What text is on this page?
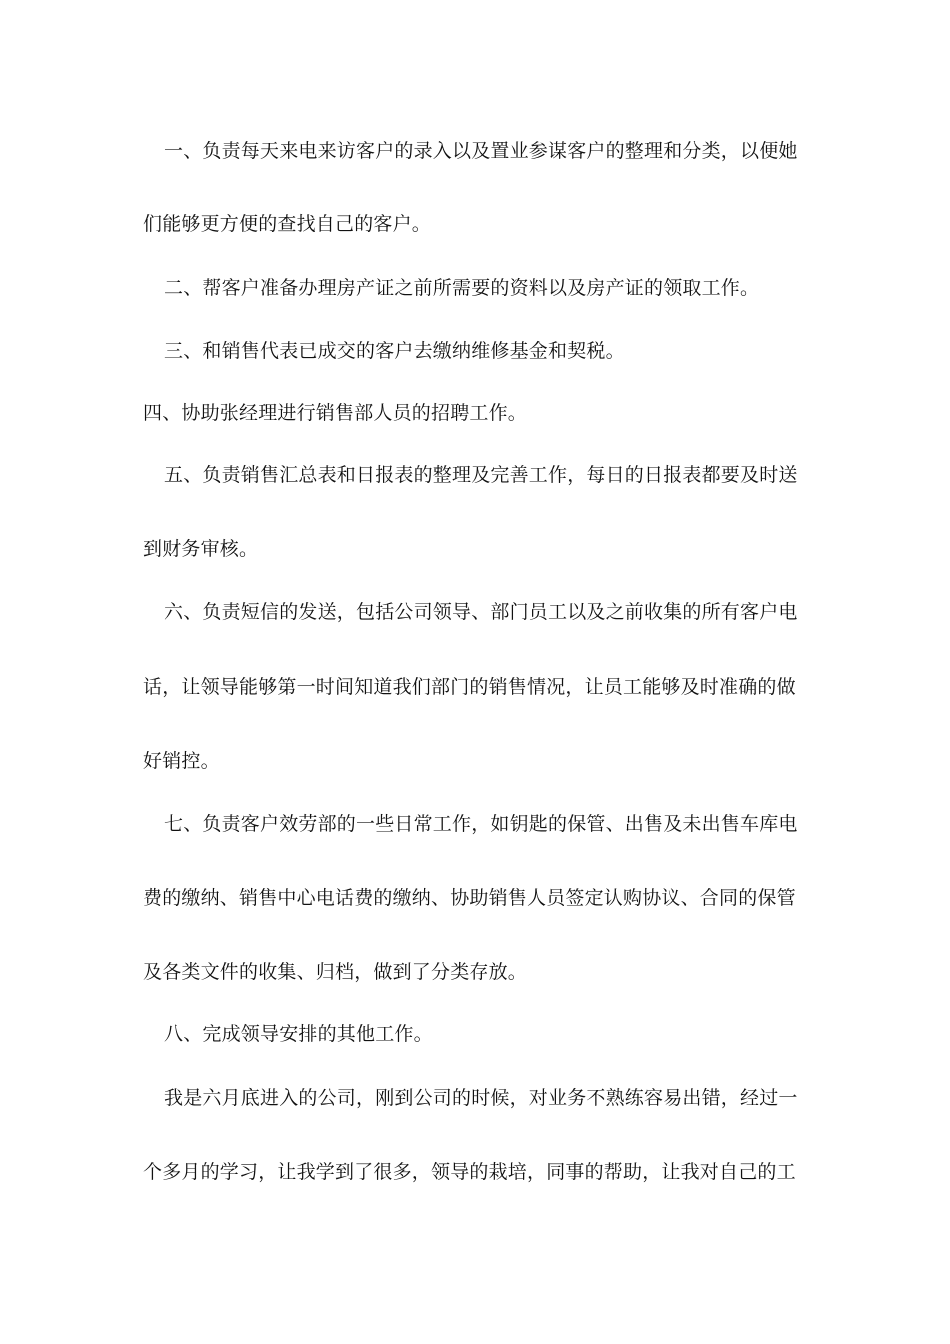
一、负责每天来电来访客户的录入以及置业参谋客户的整理和分类，以便她
们能够更方便的查找自己的客户。
二、帮客户准备办理房产证之前所需要的资料以及房产证的领取工作。
三、和销售代表已成交的客户去缴纳维修基金和契税。
四、协助张经理进行销售部人员的招聘工作。
五、负责销售汇总表和日报表的整理及完善工作，每日的日报表都要及时送
到财务审核。
六、负责短信的发送，包括公司领导、部门员工以及之前收集的所有客户电
话，让领导能够第一时间知道我们部门的销售情况，让员工能够及时准确的做
好销控。
七、负责客户效劳部的一些日常工作，如钥匙的保管、出售及未出售车库电
费的缴纳、销售中心电话费的缴纳、协助销售人员签定认购协议、合同的保管
及各类文件的收集、归档，做到了分类存放。
八、完成领导安排的其他工作。
我是六月底进入的公司，刚到公司的时候，对业务不熟练容易出错，经过一
个多月的学习，让我学到了很多，领导的栽培，同事的帮助，让我对自己的工
